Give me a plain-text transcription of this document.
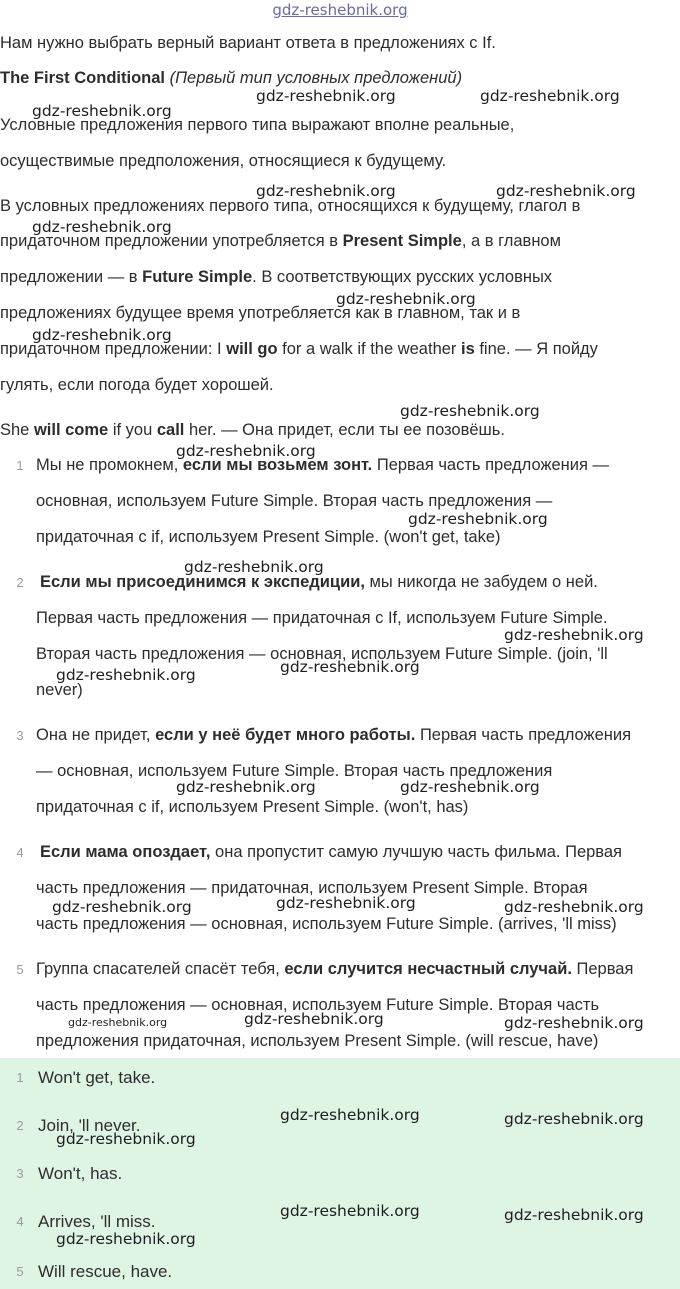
gdz-reshebnik.org
Нам нужно выбрать верный вариант ответа в предложениях с If.
The First Conditional (Первый тип условных предложений)
Условные предложения первого типа выражают вполне реальные,
осуществимые предположения, относящиеся к будущему.
В условных предложениях первого типа, относящихся к будущему, глагол в
придаточном предложении употребляется в Present Simple, а в главном
предложении — в Future Simple. В соответствующих русских условных
предложениях будущее время употребляется как в главном, так и в
придаточном предложении: I will go for a walk if the weather is fine. — Я пойду
гулять, если погода будет хорошей.
She will come if you call her. — Она придет, если ты ее позовёшь.
1 Мы не промокнем, если мы возьмем зонт. Первая часть предложения —
основная, используем Future Simple. Вторая часть предложения —
придаточная с if, используем Present Simple. (won't get, take)
2 Если мы присоединимся к экспедиции, мы никогда не забудем о ней.
Первая часть предложения — придаточная с If, используем Future Simple.
Вторая часть предложения — основная, используем Future Simple. (join, 'll
never)
3 Она не придет, если у неё будет много работы. Первая часть предложения
— основная, используем Future Simple. Вторая часть предложения
придаточная с if, используем Present Simple. (won't, has)
4 Если мама опоздает, она пропустит самую лучшую часть фильма. Первая
часть предложения — придаточная, используем Present Simple. Вторая
часть предложения — основная, используем Future Simple. (arrives, 'll miss)
5 Группа спасателей спасёт тебя, если случится несчастный случай. Первая
часть предложения — основная, используем Future Simple. Вторая часть
предложения придаточная, используем Present Simple. (will rescue, have)
1 Won't get, take.
2 Join, 'll never.
3 Won't, has.
4 Arrives, 'll miss.
5 Will rescue, have.
gdz-reshebnik.org	gdz-reshebnik.org
gdz-reshebnik.org
gdz-reshebnik.org	gdz-reshebnik.org
gdz-reshebnik.org
gdz-reshebnik.org
gdz-reshebnik.org
gdz-reshebnik.org
gdz-reshebnik.org
gdz-reshebnik.org
gdz-reshebnik.org
gdz-reshebnik.org
gdz-reshebnik.org
gdz-reshebnik.org
gdz-reshebnik.org	gdz-reshebnik.org
gdz-reshebnik.org
gdz-reshebnik.org	gdz-reshebnik.org
gdz-reshebnik.org	gdz-reshebnik.org	gdz-reshebnik.org
gdz-reshebnik.org	gdz-reshebnik.org
gdz-reshebnik.org
gdz-reshebnik.org	gdz-reshebnik.org
gdz-reshebnik.org
